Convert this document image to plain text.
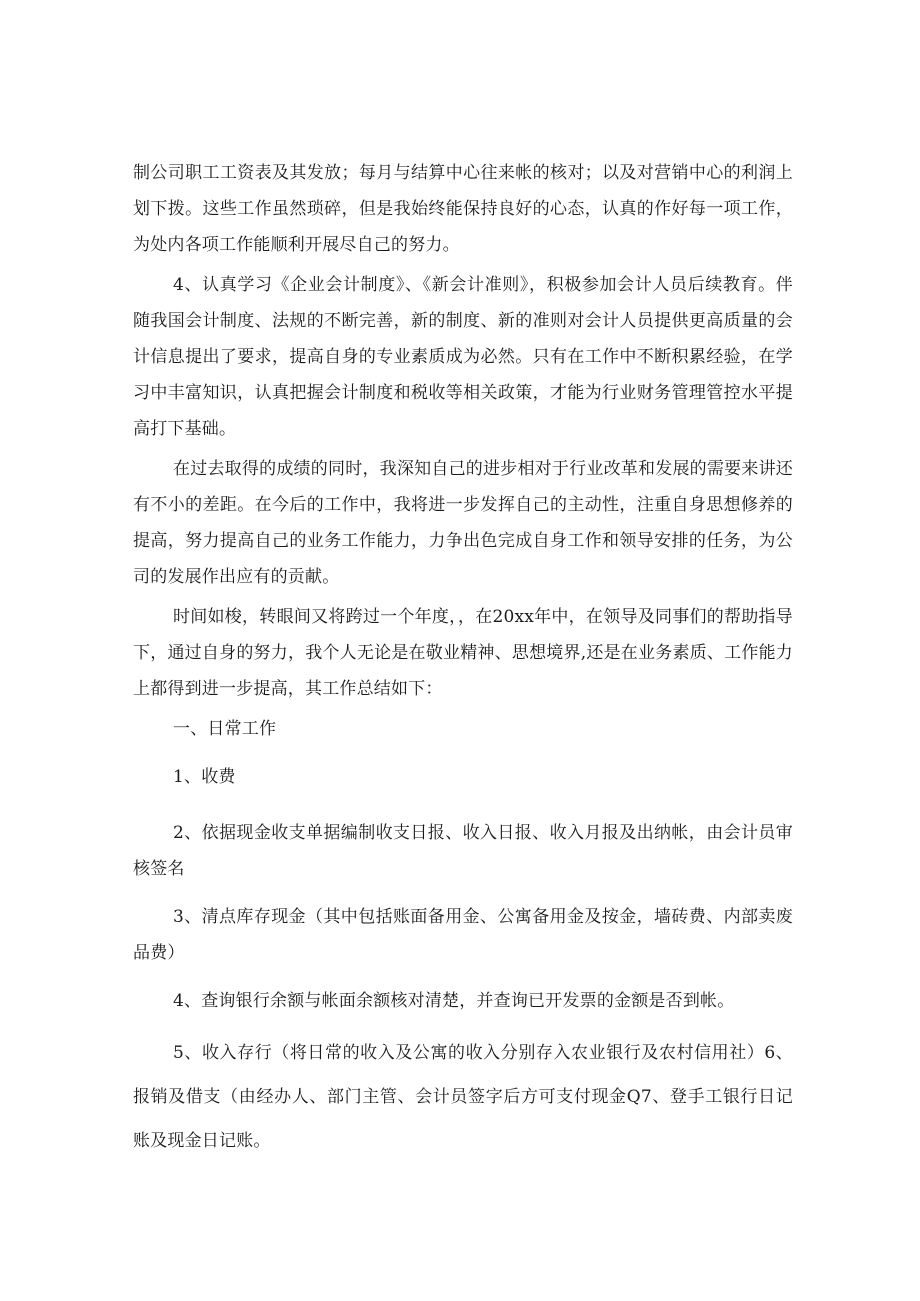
制公司职工工资表及其发放；每月与结算中心往来帐的核对；以及对营销中心的利润上划下拨。这些工作虽然琐碎，但是我始终能保持良好的心态，认真的作好每一项工作，为处内各项工作能顺利开展尽自己的努力。

4、认真学习《企业会计制度》、《新会计准则》，积极参加会计人员后续教育。伴随我国会计制度、法规的不断完善，新的制度、新的准则对会计人员提供更高质量的会计信息提出了要求，提高自身的专业素质成为必然。只有在工作中不断积累经验，在学习中丰富知识，认真把握会计制度和税收等相关政策，才能为行业财务管理管控水平提高打下基础。

在过去取得的成绩的同时，我深知自己的进步相对于行业改革和发展的需要来讲还有不小的差距。在今后的工作中，我将进一步发挥自己的主动性，注重自身思想修养的提高，努力提高自己的业务工作能力，力争出色完成自身工作和领导安排的任务，为公司的发展作出应有的贡献。

时间如梭，转眼间又将跨过一个年度，，在20xx年中，在领导及同事们的帮助指导下，通过自身的努力，我个人无论是在敬业精神、思想境界,还是在业务素质、工作能力上都得到进一步提高，其工作总结如下：

一、日常工作

1、收费

2、依据现金收支单据编制收支日报、收入日报、收入月报及出纳帐，由会计员审核签名

3、清点库存现金（其中包括账面备用金、公寓备用金及按金，墙砖费、内部卖废品费）

4、查询银行余额与帐面余额核对清楚，并查询已开发票的金额是否到帐。

5、收入存行（将日常的收入及公寓的收入分别存入农业银行及农村信用社）6、报销及借支（由经办人、部门主管、会计员签字后方可支付现金Q7、登手工银行日记账及现金日记账。
